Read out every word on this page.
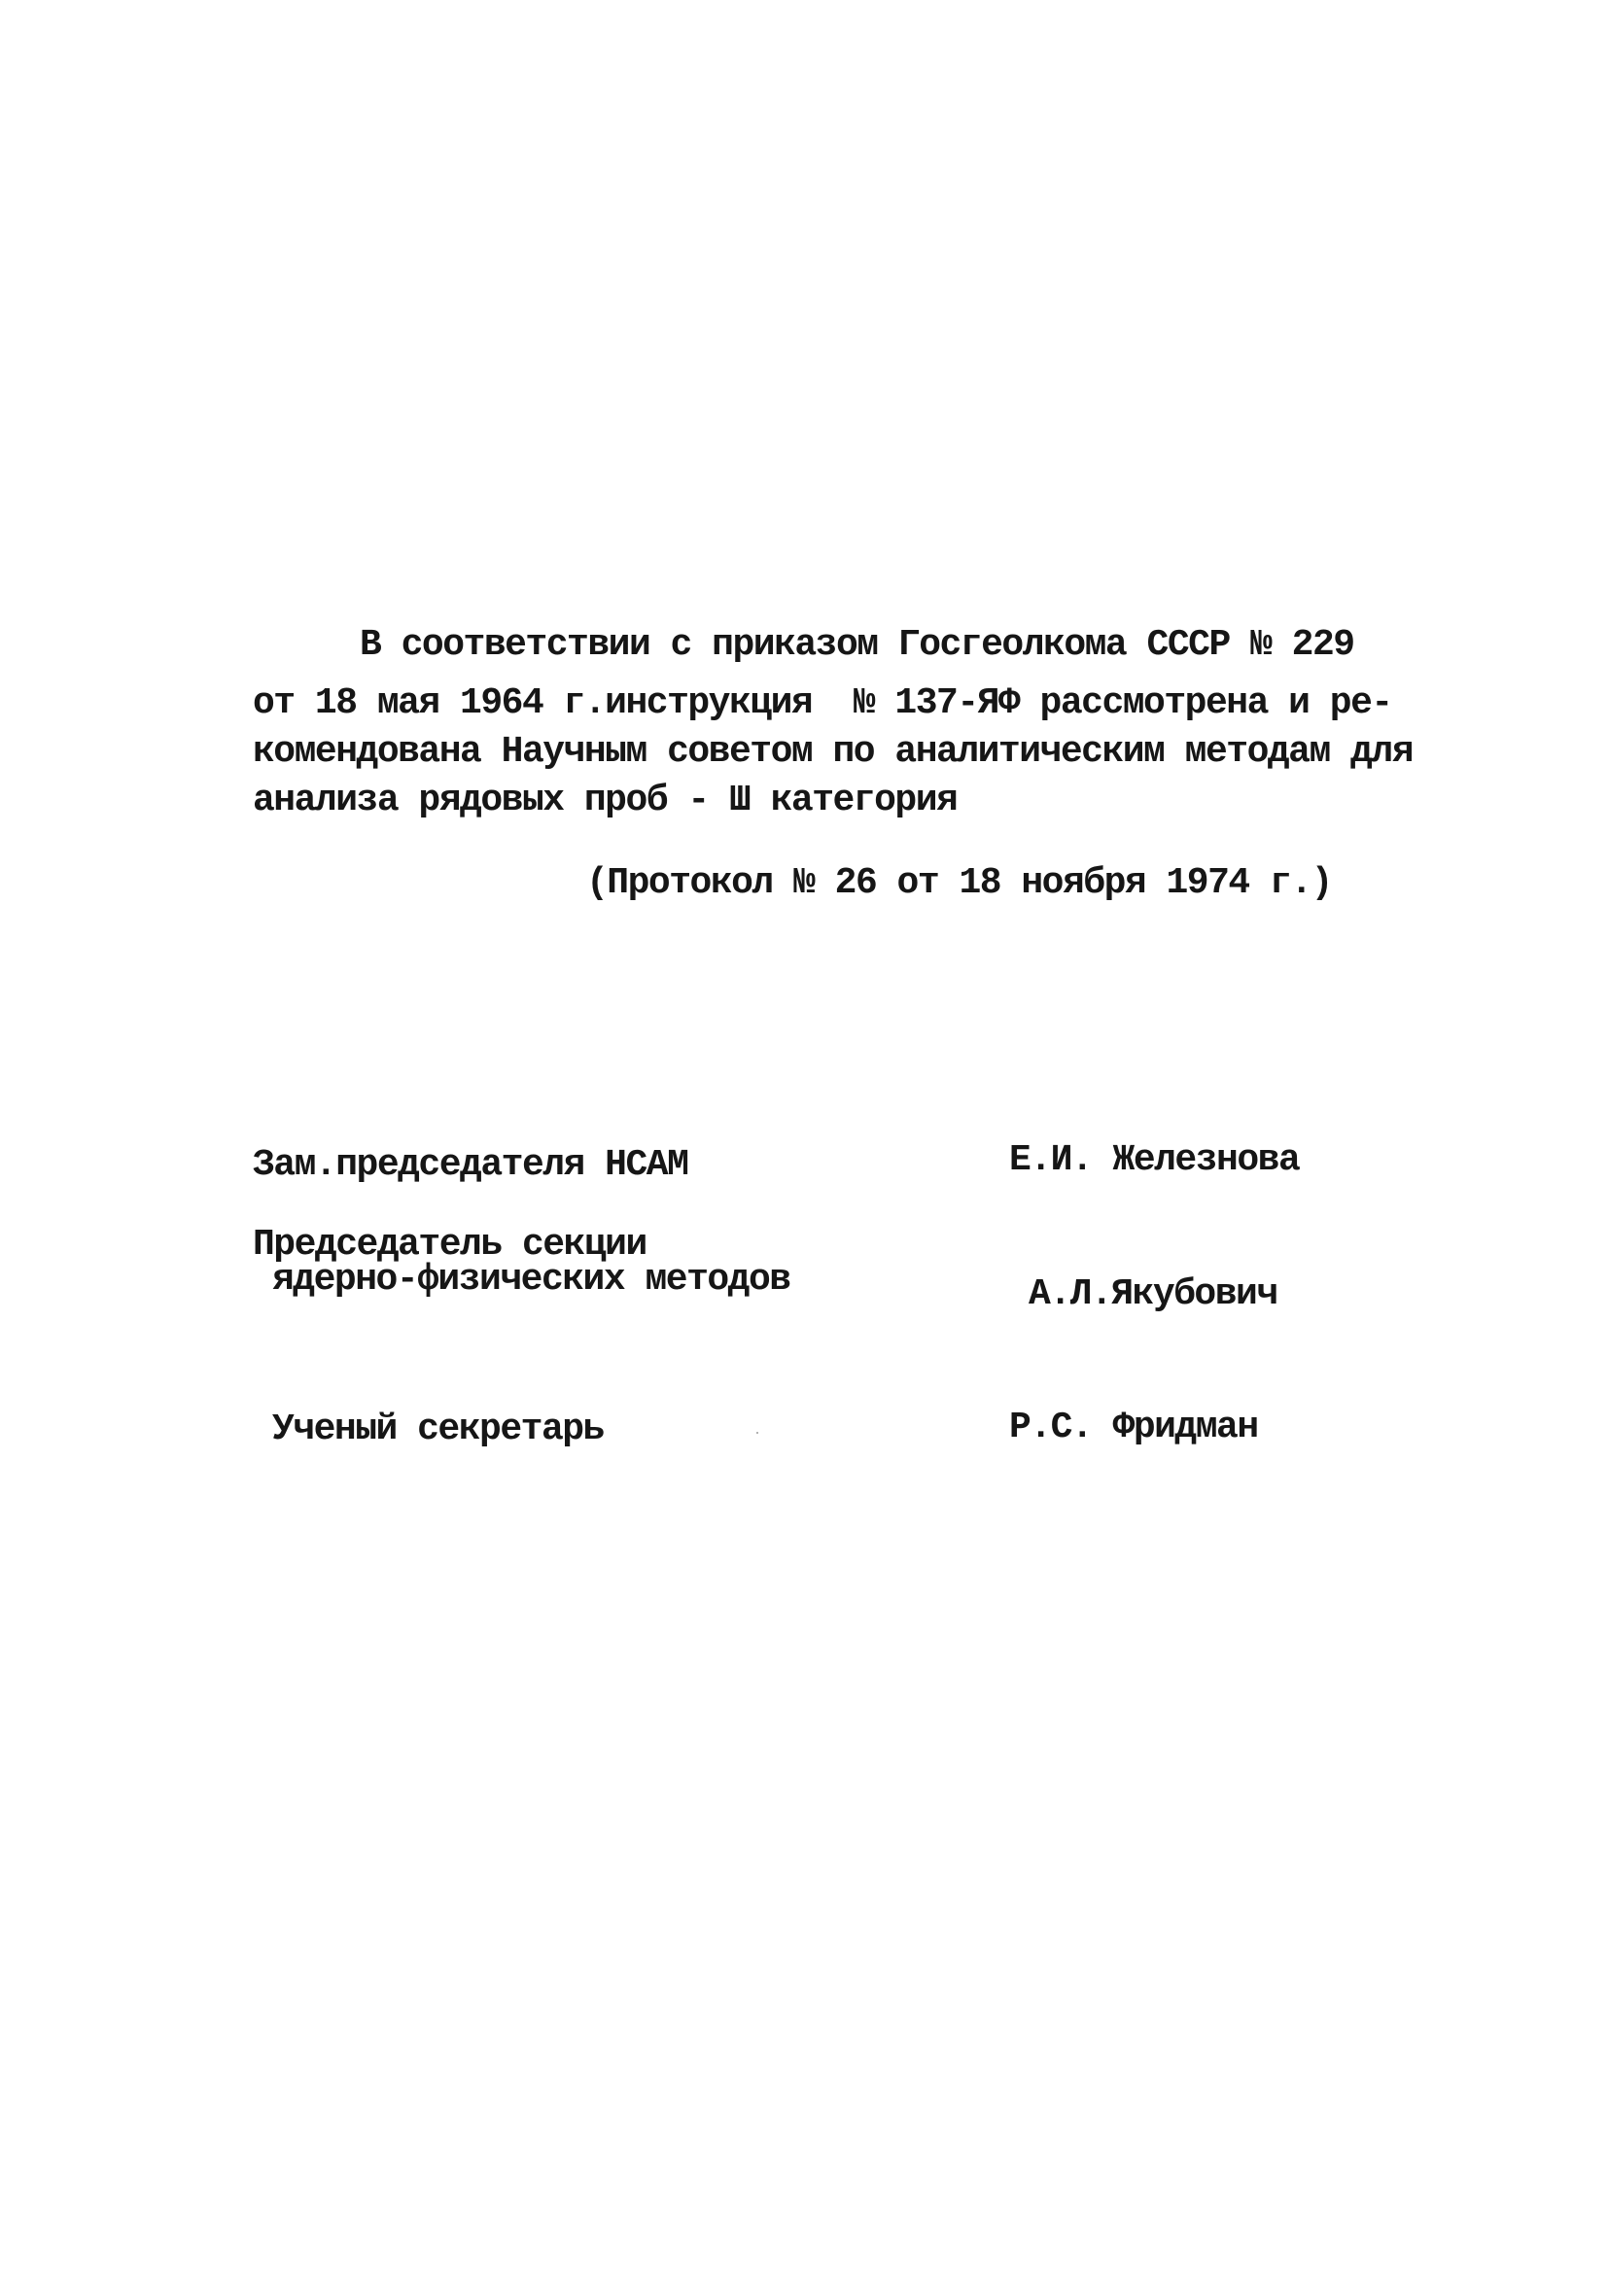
В соответствии с приказом Госгеолкома СССР № 229
от 18 мая 1964 г.инструкция  № 137-ЯФ рассмотрена и ре-
комендована Научным советом по аналитическим методам для
анализа рядовых проб - Ш категория
(Протокол № 26 от 18 ноября 1974 г.)
Зам.председателя НСАМ	Е.И. Железнова
Председатель секции
ядерно-физических методов	А.Л.Якубович
Ученый секретарь	Р.С. Фридман
